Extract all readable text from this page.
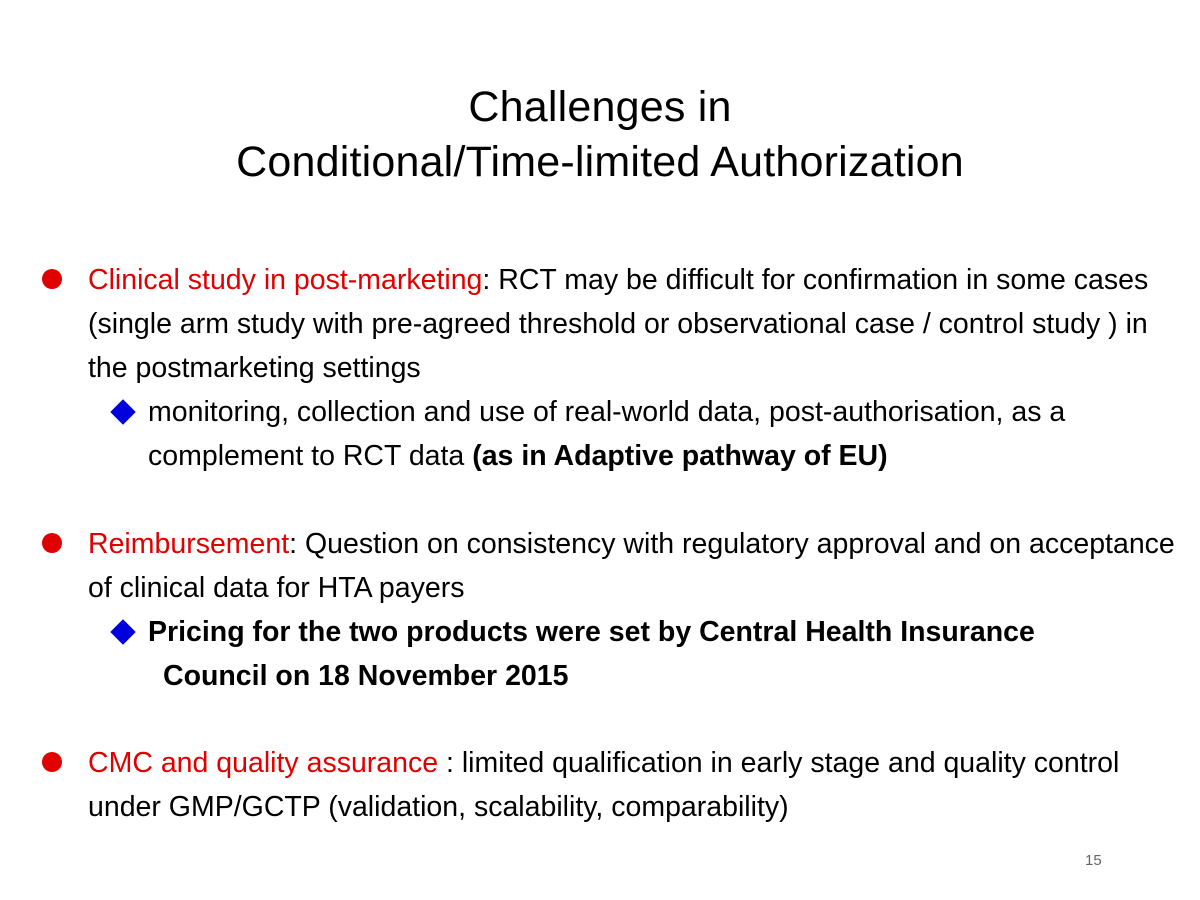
Challenges in
Conditional/Time-limited Authorization
Clinical study in post-marketing: RCT may be difficult for confirmation in some cases (single arm study with pre-agreed threshold or observational case / control study ) in the postmarketing settings
monitoring, collection and use of real-world data, post-authorisation, as a complement to RCT data (as in Adaptive pathway of EU)
Reimbursement: Question on consistency with regulatory approval and on acceptance of clinical data for HTA payers
Pricing for the two products were set by Central Health Insurance
Council on 18 November 2015
CMC and quality assurance : limited qualification in early stage and quality control under GMP/GCTP (validation, scalability, comparability)
15
